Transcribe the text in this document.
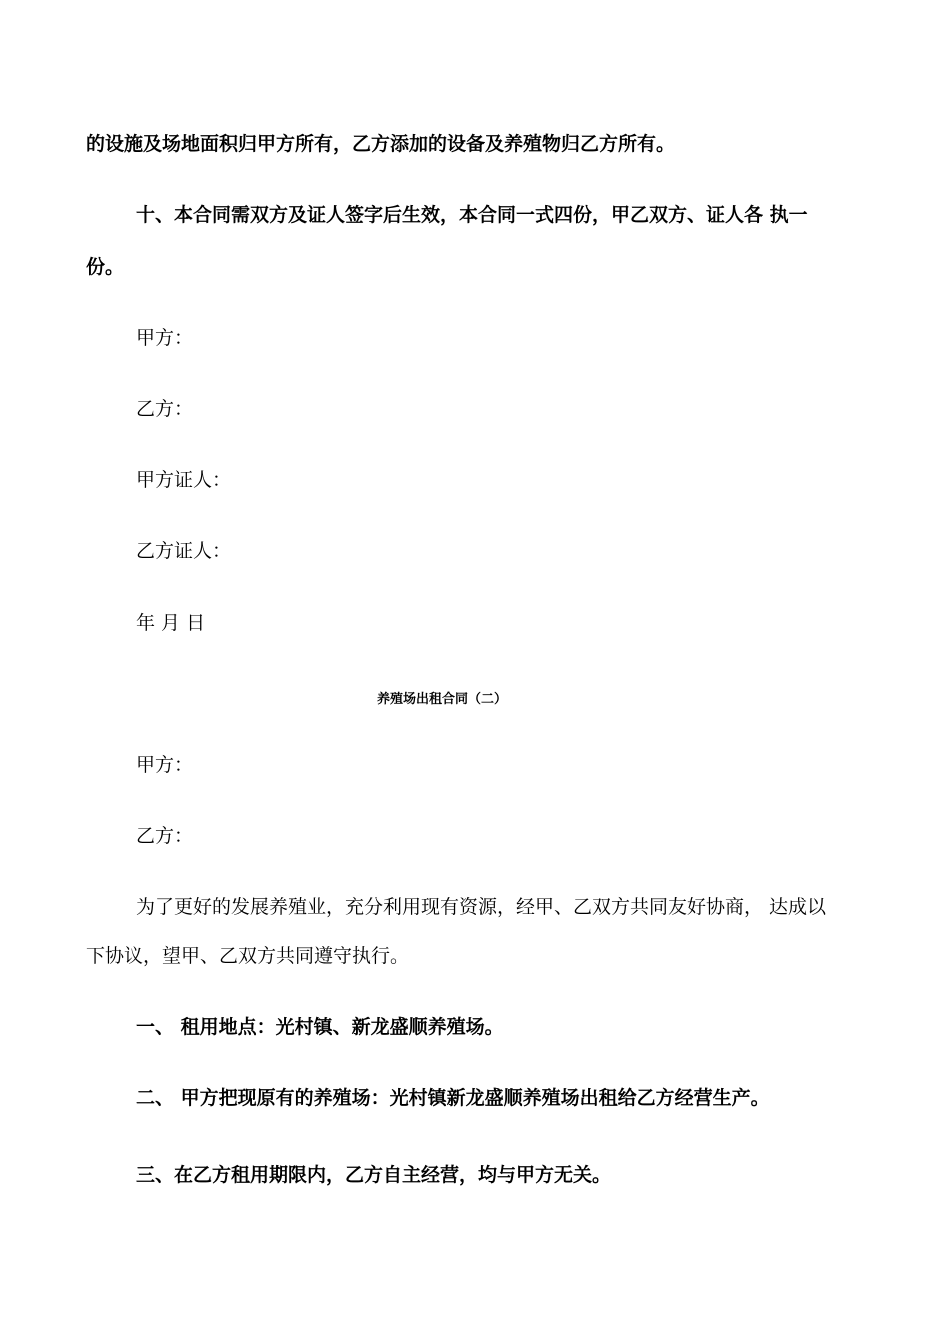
的设施及场地面积归甲方所有，乙方添加的设备及养殖物归乙方所有。
十、本合同需双方及证人签字后生效，本合同一式四份，甲乙双方、证人各 执一
份。
甲方：
乙方：
甲方证人：
乙方证人：
年 月 日
养殖场出租合同（二）
甲方：
乙方：
为了更好的发展养殖业，充分利用现有资源，经甲、乙双方共同友好协商， 达成以
下协议，望甲、乙双方共同遵守执行。
一、 租用地点：光村镇、新龙盛顺养殖场。
二、 甲方把现原有的养殖场：光村镇新龙盛顺养殖场出租给乙方经营生产。
三、在乙方租用期限内，乙方自主经营，均与甲方无关。
